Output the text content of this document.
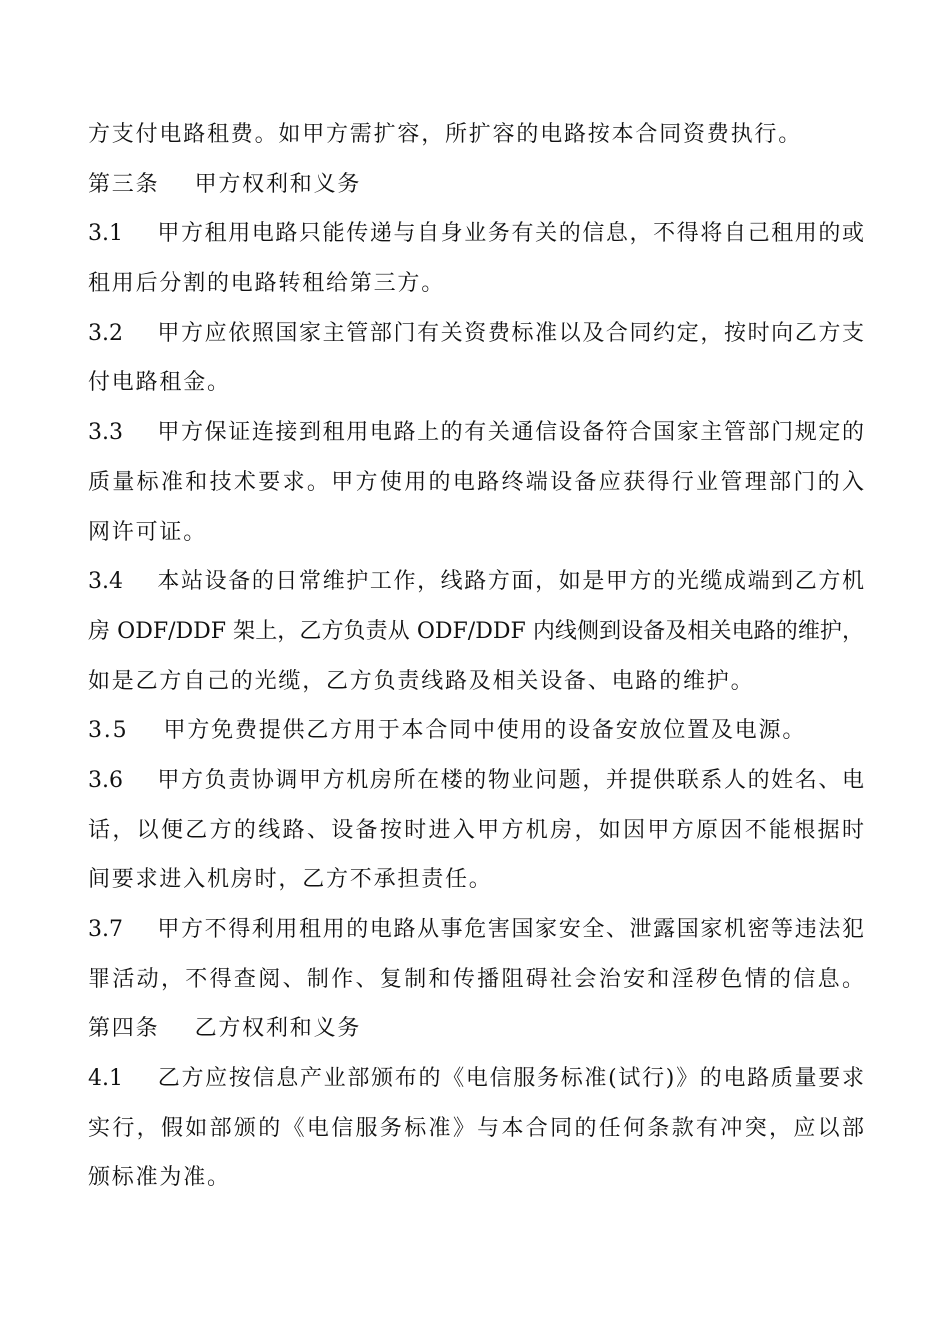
方支付电路租费。如甲方需扩容，所扩容的电路按本合同资费执行。
第三条    甲方权利和义务
3.1    甲方租用电路只能传递与自身业务有关的信息，不得将自己租用的或
租用后分割的电路转租给第三方。
3.2    甲方应依照国家主管部门有关资费标准以及合同约定，按时向乙方支
付电路租金。
3.3    甲方保证连接到租用电路上的有关通信设备符合国家主管部门规定的
质量标准和技术要求。甲方使用的电路终端设备应获得行业管理部门的入
网许可证。
3.4    本站设备的日常维护工作，线路方面，如是甲方的光缆成端到乙方机
房 ODF/DDF 架上，乙方负责从 ODF/DDF 内线侧到设备及相关电路的维护，
如是乙方自己的光缆，乙方负责线路及相关设备、电路的维护。
3.5    甲方免费提供乙方用于本合同中使用的设备安放位置及电源。
3.6    甲方负责协调甲方机房所在楼的物业问题，并提供联系人的姓名、电
话，以便乙方的线路、设备按时进入甲方机房，如因甲方原因不能根据时
间要求进入机房时，乙方不承担责任。
3.7    甲方不得利用租用的电路从事危害国家安全、泄露国家机密等违法犯
罪活动，不得查阅、制作、复制和传播阻碍社会治安和淫秽色情的信息。
第四条    乙方权利和义务
4.1    乙方应按信息产业部颁布的《电信服务标准(试行)》的电路质量要求
实行，假如部颁的《电信服务标准》与本合同的任何条款有冲突，应以部
颁标准为准。
